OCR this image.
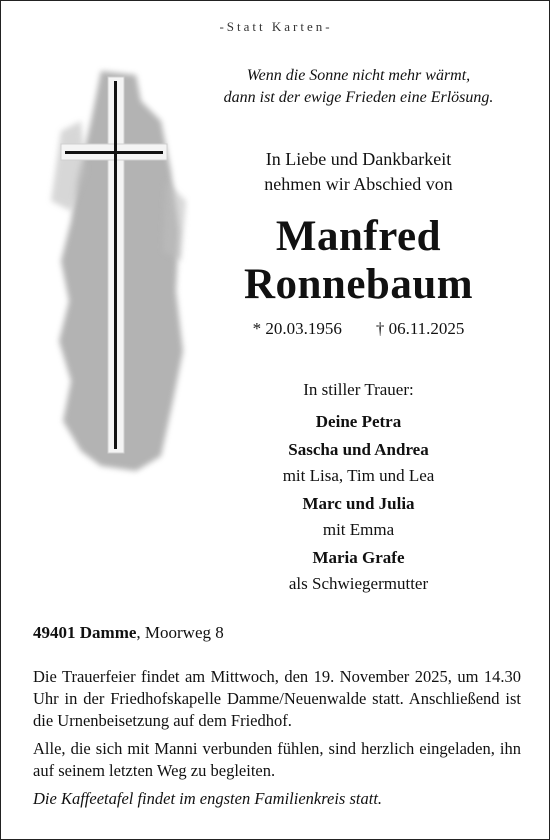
-Statt Karten-
Wenn die Sonne nicht mehr wärmt,
dann ist der ewige Frieden eine Erlösung.
In Liebe und Dankbarkeit
nehmen wir Abschied von
Manfred
Ronnebaum
* 20.03.1956 † 06.11.2025
In stiller Trauer:
Deine Petra
Sascha und Andrea
mit Lisa, Tim und Lea
Marc und Julia
mit Emma
Maria Grafe
als Schwiegermutter
49401 Damme, Moorweg 8

Die Trauerfeier findet am Mittwoch, den 19. November 2025, um 14.30 Uhr in der Friedhofskapelle Damme/Neuenwalde statt. Anschließend ist die Urnenbeisetzung auf dem Friedhof.

Alle, die sich mit Manni verbunden fühlen, sind herzlich eingeladen, ihn auf seinem letzten Weg zu begleiten.

Die Kaffeetafel findet im engsten Familienkreis statt.
